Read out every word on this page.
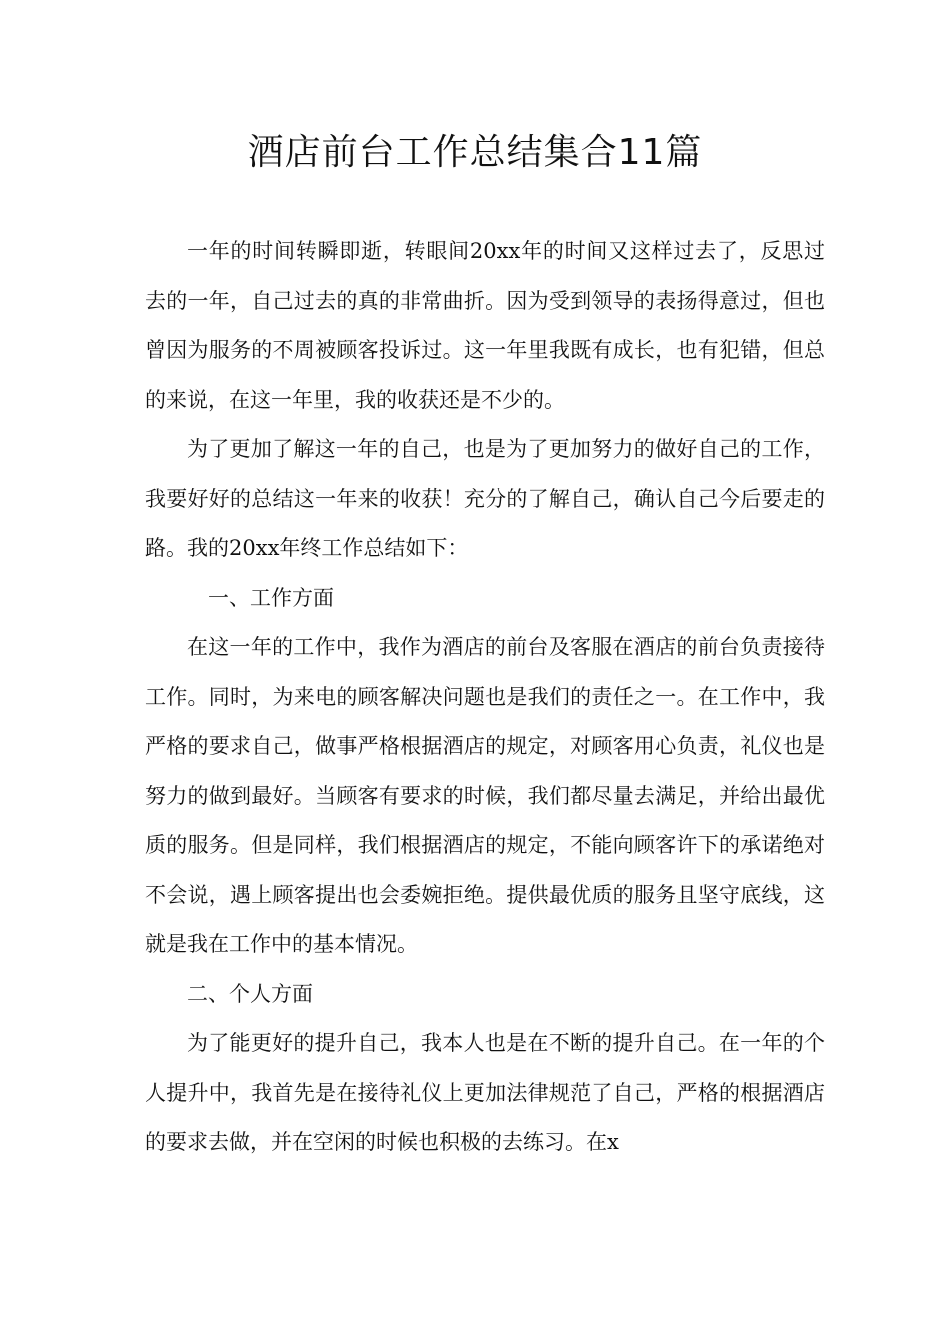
酒店前台工作总结集合11篇

一年的时间转瞬即逝，转眼间20xx年的时间又这样过去了，反思过去的一年，自己过去的真的非常曲折。因为受到领导的表扬得意过，但也曾因为服务的不周被顾客投诉过。这一年里我既有成长，也有犯错，但总的来说，在这一年里，我的收获还是不少的。

为了更加了解这一年的自己，也是为了更加努力的做好自己的工作，我要好好的总结这一年来的收获！充分的了解自己，确认自己今后要走的路。我的20xx年终工作总结如下：

一、工作方面

在这一年的工作中，我作为酒店的前台及客服在酒店的前台负责接待工作。同时，为来电的顾客解决问题也是我们的责任之一。在工作中，我严格的要求自己，做事严格根据酒店的规定，对顾客用心负责，礼仪也是努力的做到最好。当顾客有要求的时候，我们都尽量去满足，并给出最优质的服务。但是同样，我们根据酒店的规定，不能向顾客许下的承诺绝对不会说，遇上顾客提出也会委婉拒绝。提供最优质的服务且坚守底线，这就是我在工作中的基本情况。

二、个人方面

为了能更好的提升自己，我本人也是在不断的提升自己。在一年的个人提升中，我首先是在接待礼仪上更加法律规范了自己，严格的根据酒店的要求去做，并在空闲的时候也积极的去练习。在x
